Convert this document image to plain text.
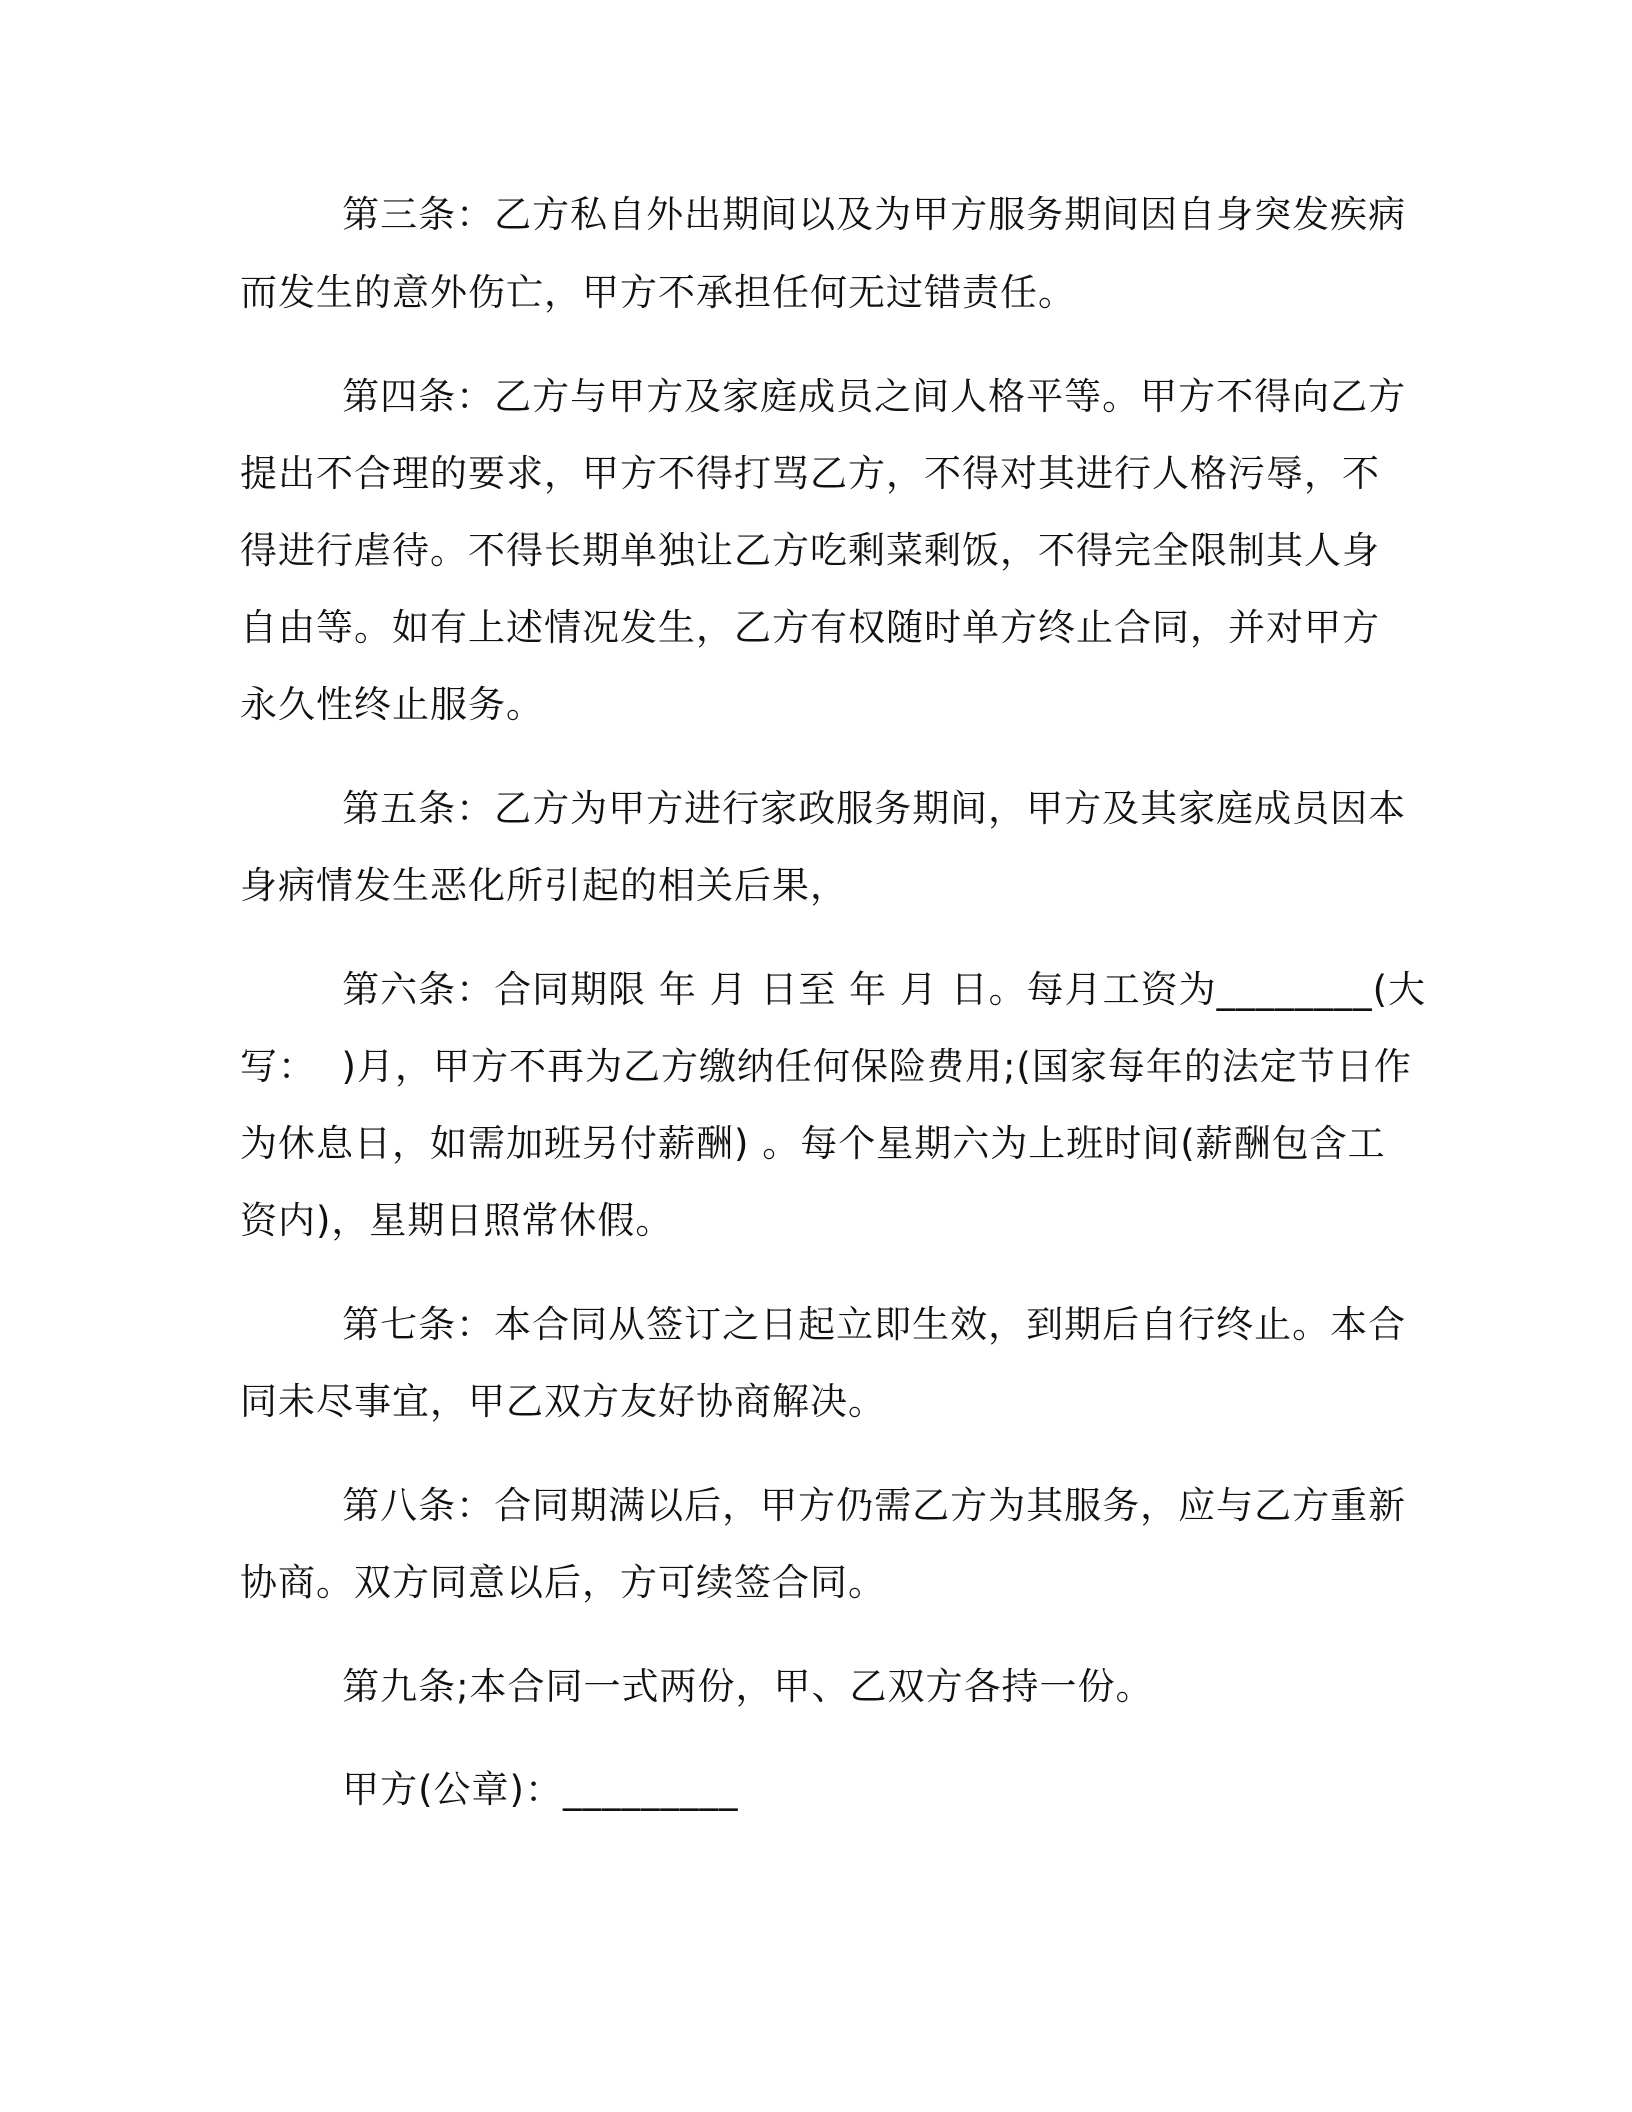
第三条：乙方私自外出期间以及为甲方服务期间因自身突发疾病

而发生的意外伤亡，甲方不承担任何无过错责任。

第四条：乙方与甲方及家庭成员之间人格平等。甲方不得向乙方

提出不合理的要求，甲方不得打骂乙方，不得对其进行人格污辱，不

得进行虐待。不得长期单独让乙方吃剩菜剩饭，不得完全限制其人身

自由等。如有上述情况发生，乙方有权随时单方终止合同，并对甲方

永久性终止服务。

第五条：乙方为甲方进行家政服务期间，甲方及其家庭成员因本

身病情发生恶化所引起的相关后果，

第六条：合同期限 年 月 日至 年 月 日。每月工资为________(大

写：  )月，甲方不再为乙方缴纳任何保险费用;(国家每年的法定节日作

为休息日，如需加班另付薪酬) 。每个星期六为上班时间(薪酬包含工

资内)，星期日照常休假。

第七条：本合同从签订之日起立即生效，到期后自行终止。本合

同未尽事宜，甲乙双方友好协商解决。

第八条：合同期满以后，甲方仍需乙方为其服务，应与乙方重新

协商。双方同意以后，方可续签合同。

第九条;本合同一式两份，甲、乙双方各持一份。

甲方(公章)：_________
